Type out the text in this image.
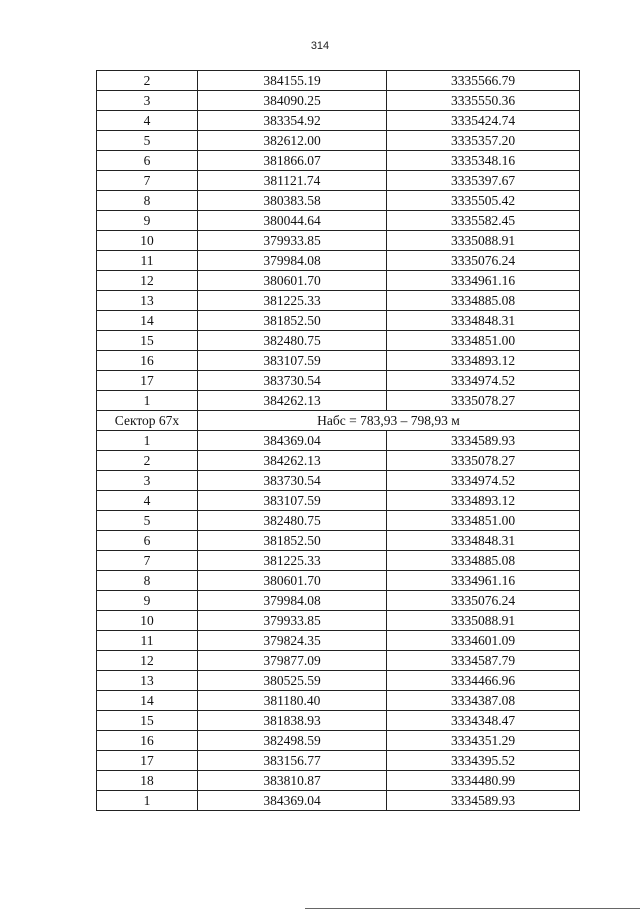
314
2	384155.19	3335566.79
3	384090.25	3335550.36
4	383354.92	3335424.74
5	382612.00	3335357.20
6	381866.07	3335348.16
7	381121.74	3335397.67
8	380383.58	3335505.42
9	380044.64	3335582.45
10	379933.85	3335088.91
11	379984.08	3335076.24
12	380601.70	3334961.16
13	381225.33	3334885.08
14	381852.50	3334848.31
15	382480.75	3334851.00
16	383107.59	3334893.12
17	383730.54	3334974.52
1	384262.13	3335078.27
Сектор 67х	Набс = 783,93 – 798,93 м	
1	384369.04	3334589.93
2	384262.13	3335078.27
3	383730.54	3334974.52
4	383107.59	3334893.12
5	382480.75	3334851.00
6	381852.50	3334848.31
7	381225.33	3334885.08
8	380601.70	3334961.16
9	379984.08	3335076.24
10	379933.85	3335088.91
11	379824.35	3334601.09
12	379877.09	3334587.79
13	380525.59	3334466.96
14	381180.40	3334387.08
15	381838.93	3334348.47
16	382498.59	3334351.29
17	383156.77	3334395.52
18	383810.87	3334480.99
1	384369.04	3334589.93
